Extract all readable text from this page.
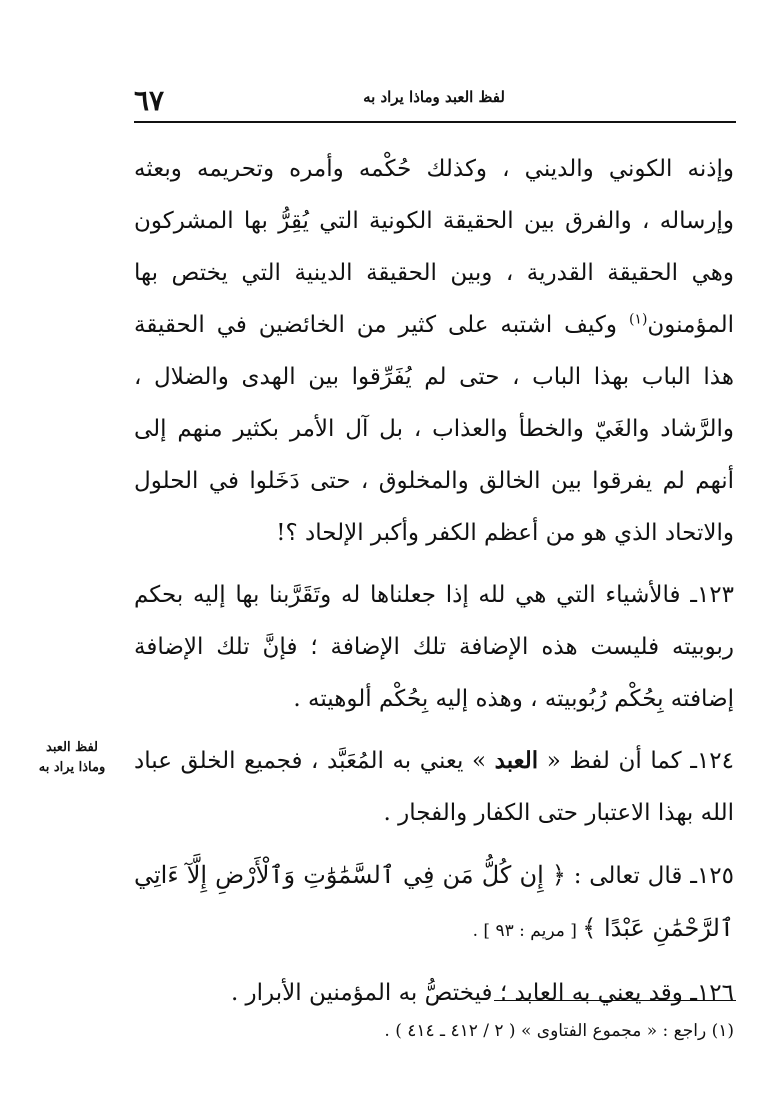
٦٧	لفظ العبد وماذا يراد به

وإذنه الكوني والديني ، وكذلك حُكْمه وأمره وتحريمه وبعثه وإرساله ، والفرق بين الحقيقة الكونية التي يُقِرُّ بها المشركون وهي الحقيقة القدرية ، وبين الحقيقة الدينية التي يختص بها المؤمنون$^{(١)}$ وكيف اشتبه على كثير من الخائضين في الحقيقة هذا الباب بهذا الباب ، حتى لم يُفَرِّقوا بين الهدى والضلال ، والرَّشاد والغَيّ والخطأ والعذاب ، بل آل الأمر بكثير منهم إلى أنهم لم يفرقوا بين الخالق والمخلوق ، حتى دَخَلوا في الحلول والاتحاد الذي هو من أعظم الكفر وأكبر الإلحاد ؟!

١٢٣ـ فالأشياء التي هي لله إذا جعلناها له وتَقَرَّبنا بها إليه بحكم ربوبيته فليست هذه الإضافة تلك الإضافة ؛ فإنَّ تلك الإضافة إضافته بِحُكْم رُبُوبيته ، وهذه إليه بِحُكْم ألوهيته .

١٢٤ـ كما أن لفظ « العبد » يعني به المُعَبَّد ، فجميع الخلق عباد الله بهذا الاعتبار حتى الكفار والفجار .

١٢٥ـ قال تعالى : ﴿ إِن كُلُّ مَن فِي ٱلسَّمَٰوَٰتِ وَٱلْأَرْضِ إِلَّآ ءَاتِي ٱلرَّحْمَٰنِ عَبْدًا ﴾ [ مريم : ٩٣ ] .

١٢٦ـ وقد يعني به العابد ؛ فيختصُّ به المؤمنين الأبرار .

لفظ العبد
وماذا يراد به
(١) راجع : « مجموع الفتاوى » ( ٢ / ٤١٢ ـ ٤١٤ ) .
